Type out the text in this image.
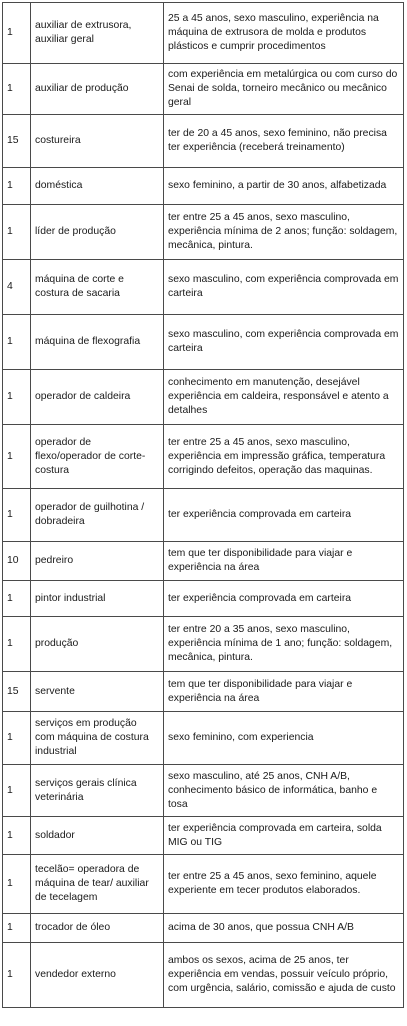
1	auxiliar de extrusora, auxiliar geral	25 a 45 anos, sexo masculino, experiência na máquina de extrusora de molda e produtos plásticos e cumprir procedimentos
1	auxiliar de produção	com experiência em metalúrgica ou com curso do Senai de solda, torneiro mecânico ou mecânico geral
15	costureira	ter de 20 a 45 anos, sexo feminino, não precisa ter experiência (receberá treinamento)
1	doméstica	sexo feminino, a partir de 30 anos, alfabetizada
1	líder de produção	ter entre 25 a 45 anos, sexo masculino, experiência mínima de 2 anos; função: soldagem, mecânica, pintura.
4	máquina de corte e costura de sacaria	sexo masculino, com experiência comprovada em carteira
1	máquina de flexografia	sexo masculino, com experiência comprovada em carteira
1	operador de caldeira	conhecimento em manutenção, desejável experiência em caldeira, responsável e atento a detalhes
1	operador de flexo/operador de corte-costura	ter entre 25 a 45 anos, sexo masculino, experiência em impressão gráfica, temperatura corrigindo defeitos, operação das maquinas.
1	operador de guilhotina / dobradeira	ter experiência comprovada em carteira
10	pedreiro	tem que ter disponibilidade para viajar e experiência na área
1	pintor industrial	ter experiência comprovada em carteira
1	produção	ter entre 20 a 35 anos, sexo masculino, experiência mínima de 1 ano; função: soldagem, mecânica, pintura.
15	servente	tem que ter disponibilidade para viajar e experiência na área
1	serviços em produção com máquina de costura industrial	sexo feminino, com experiencia
1	serviços gerais clínica veterinária	sexo masculino, até 25 anos, CNH A/B, conhecimento básico de informática, banho e tosa
1	soldador	ter experiência comprovada em carteira, solda MIG ou TIG
1	tecelão= operadora de máquina de tear/ auxiliar de tecelagem	ter entre 25 a 45 anos, sexo feminino, aquele experiente em tecer produtos elaborados.
1	trocador de óleo	acima de 30 anos, que possua CNH A/B
1	vendedor externo	ambos os sexos, acima de 25 anos, ter experiência em vendas, possuir veículo próprio, com urgência, salário, comissão e ajuda de custo
